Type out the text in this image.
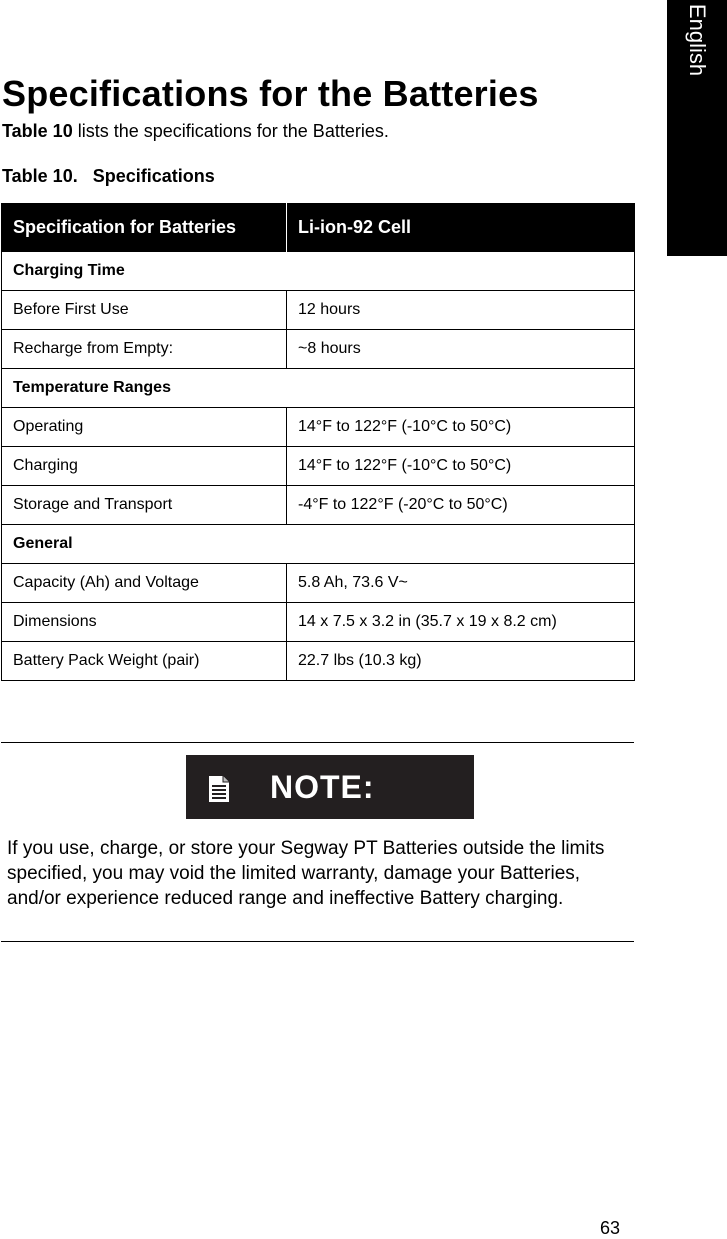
English
Specifications for the Batteries
Table 10 lists the specifications for the Batteries.
Table 10.   Specifications
Specification for Batteries	Li-ion-92 Cell
Charging Time	
Before First Use	12 hours
Recharge from Empty:	~8 hours
Temperature Ranges	
Operating	14°F to 122°F (-10°C to 50°C)
Charging	14°F to 122°F (-10°C to 50°C)
Storage and Transport	-4°F to 122°F (-20°C to 50°C)
General	
Capacity (Ah) and Voltage	5.8 Ah, 73.6 V~
Dimensions	14 x 7.5 x 3.2 in (35.7 x 19 x 8.2 cm)
Battery Pack Weight (pair)	22.7 lbs (10.3 kg)
NOTE:

If you use, charge, or store your Segway PT Batteries outside the limits specified, you may void the limited warranty, damage your Batteries, and/or experience reduced range and ineffective Battery charging.

63
